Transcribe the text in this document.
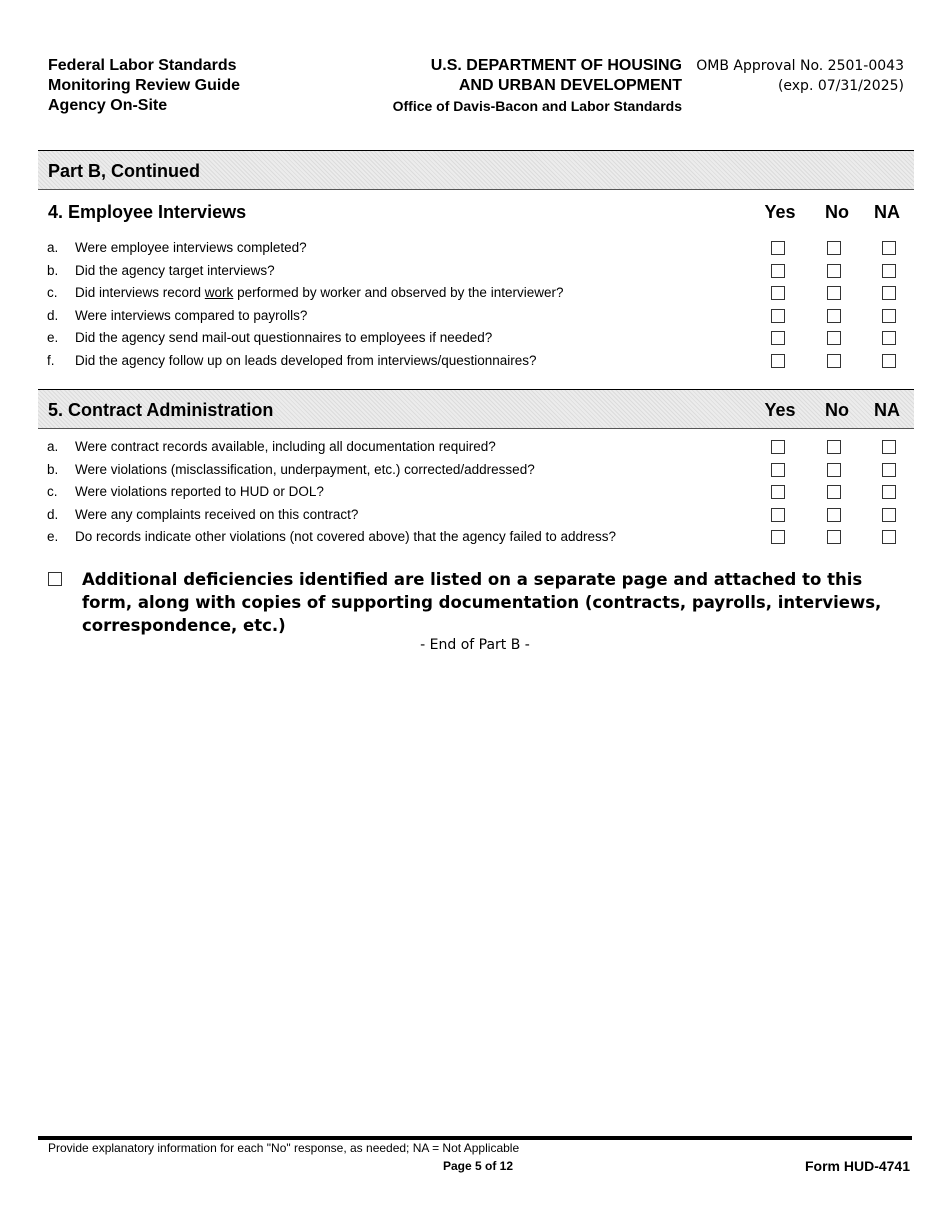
Federal Labor Standards
Monitoring Review Guide
Agency On-Site
U.S. DEPARTMENT OF HOUSING
AND URBAN DEVELOPMENT
Office of Davis-Bacon and Labor Standards
OMB Approval No. 2501-0043
(exp. 07/31/2025)
Part B, Continued
4. Employee Interviews	Yes	No	NA
a. Were employee interviews completed?
b. Did the agency target interviews?
c. Did interviews record work performed by worker and observed by the interviewer?
d. Were interviews compared to payrolls?
e. Did the agency send mail-out questionnaires to employees if needed?
f. Did the agency follow up on leads developed from interviews/questionnaires?
5. Contract Administration	Yes	No	NA
a. Were contract records available, including all documentation required?
b. Were violations (misclassification, underpayment, etc.) corrected/addressed?
c. Were violations reported to HUD or DOL?
d. Were any complaints received on this contract?
e. Do records indicate other violations (not covered above) that the agency failed to address?
Additional deficiencies identified are listed on a separate page and attached to this form, along with copies of supporting documentation (contracts, payrolls, interviews, correspondence, etc.)
- End of Part B -
Provide explanatory information for each "No" response, as needed; NA = Not Applicable
Page 5 of 12	Form HUD-4741
